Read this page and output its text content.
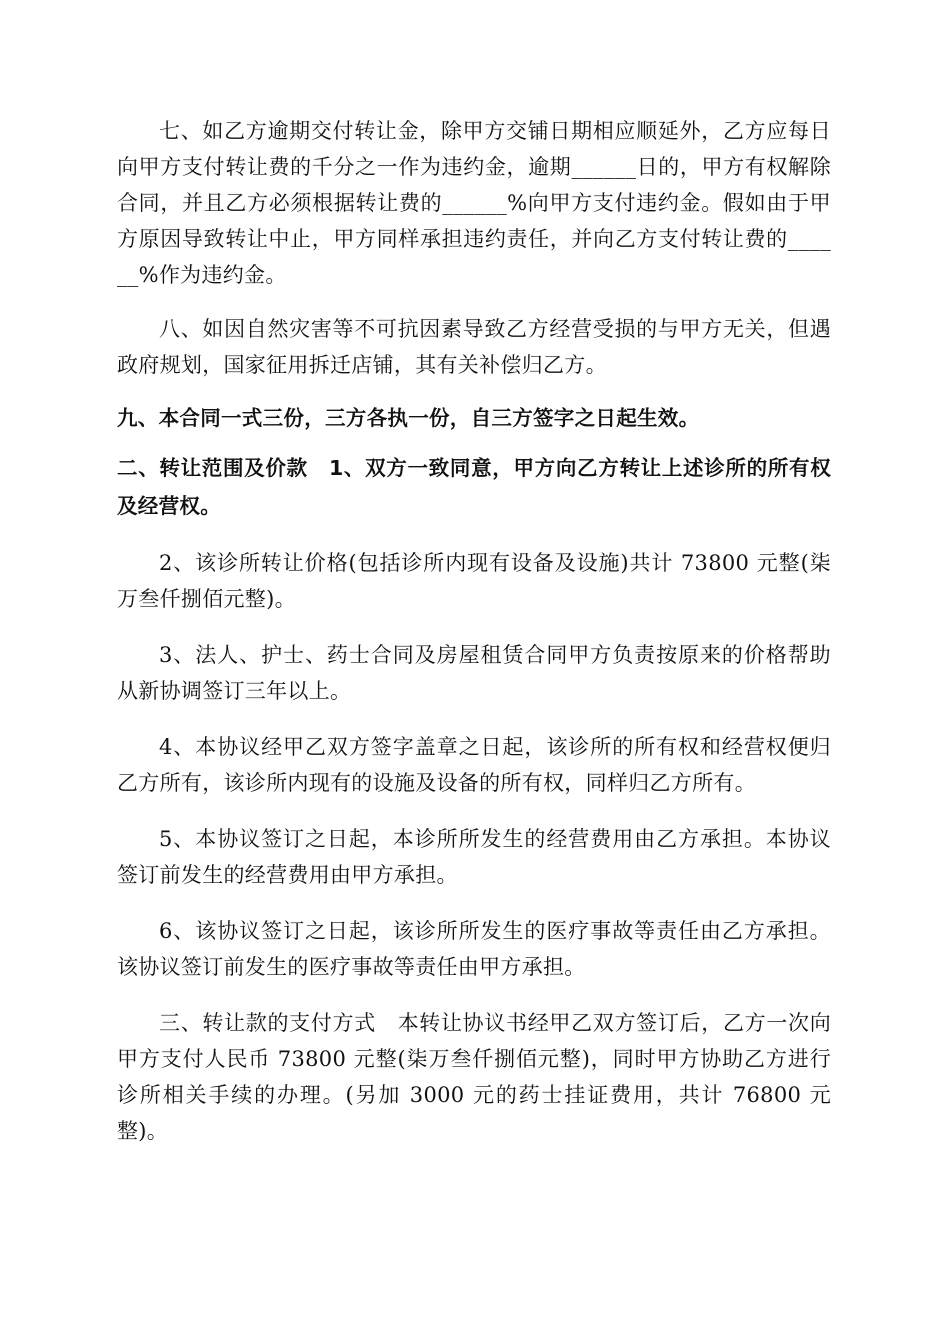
七、如乙方逾期交付转让金，除甲方交铺日期相应顺延外，乙方应每日向甲方支付转让费的千分之一作为违约金，逾期______日的，甲方有权解除合同，并且乙方必须根据转让费的______%向甲方支付违约金。假如由于甲方原因导致转让中止，甲方同样承担违约责任，并向乙方支付转让费的______%作为违约金。

八、如因自然灾害等不可抗因素导致乙方经营受损的与甲方无关，但遇政府规划，国家征用拆迁店铺，其有关补偿归乙方。

九、本合同一式三份，三方各执一份，自三方签字之日起生效。

二、转让范围及价款　1、双方一致同意，甲方向乙方转让上述诊所的所有权及经营权。

2、该诊所转让价格(包括诊所内现有设备及设施)共计 73800 元整(柒万叁仟捌佰元整)。

3、法人、护士、药士合同及房屋租赁合同甲方负责按原来的价格帮助从新协调签订三年以上。

4、本协议经甲乙双方签字盖章之日起，该诊所的所有权和经营权便归乙方所有，该诊所内现有的设施及设备的所有权，同样归乙方所有。

5、本协议签订之日起，本诊所所发生的经营费用由乙方承担。本协议签订前发生的经营费用由甲方承担。

6、该协议签订之日起，该诊所所发生的医疗事故等责任由乙方承担。该协议签订前发生的医疗事故等责任由甲方承担。

三、转让款的支付方式　本转让协议书经甲乙双方签订后，乙方一次向甲方支付人民币 73800 元整(柒万叁仟捌佰元整)，同时甲方协助乙方进行诊所相关手续的办理。(另加 3000 元的药士挂证费用，共计 76800 元整)。
